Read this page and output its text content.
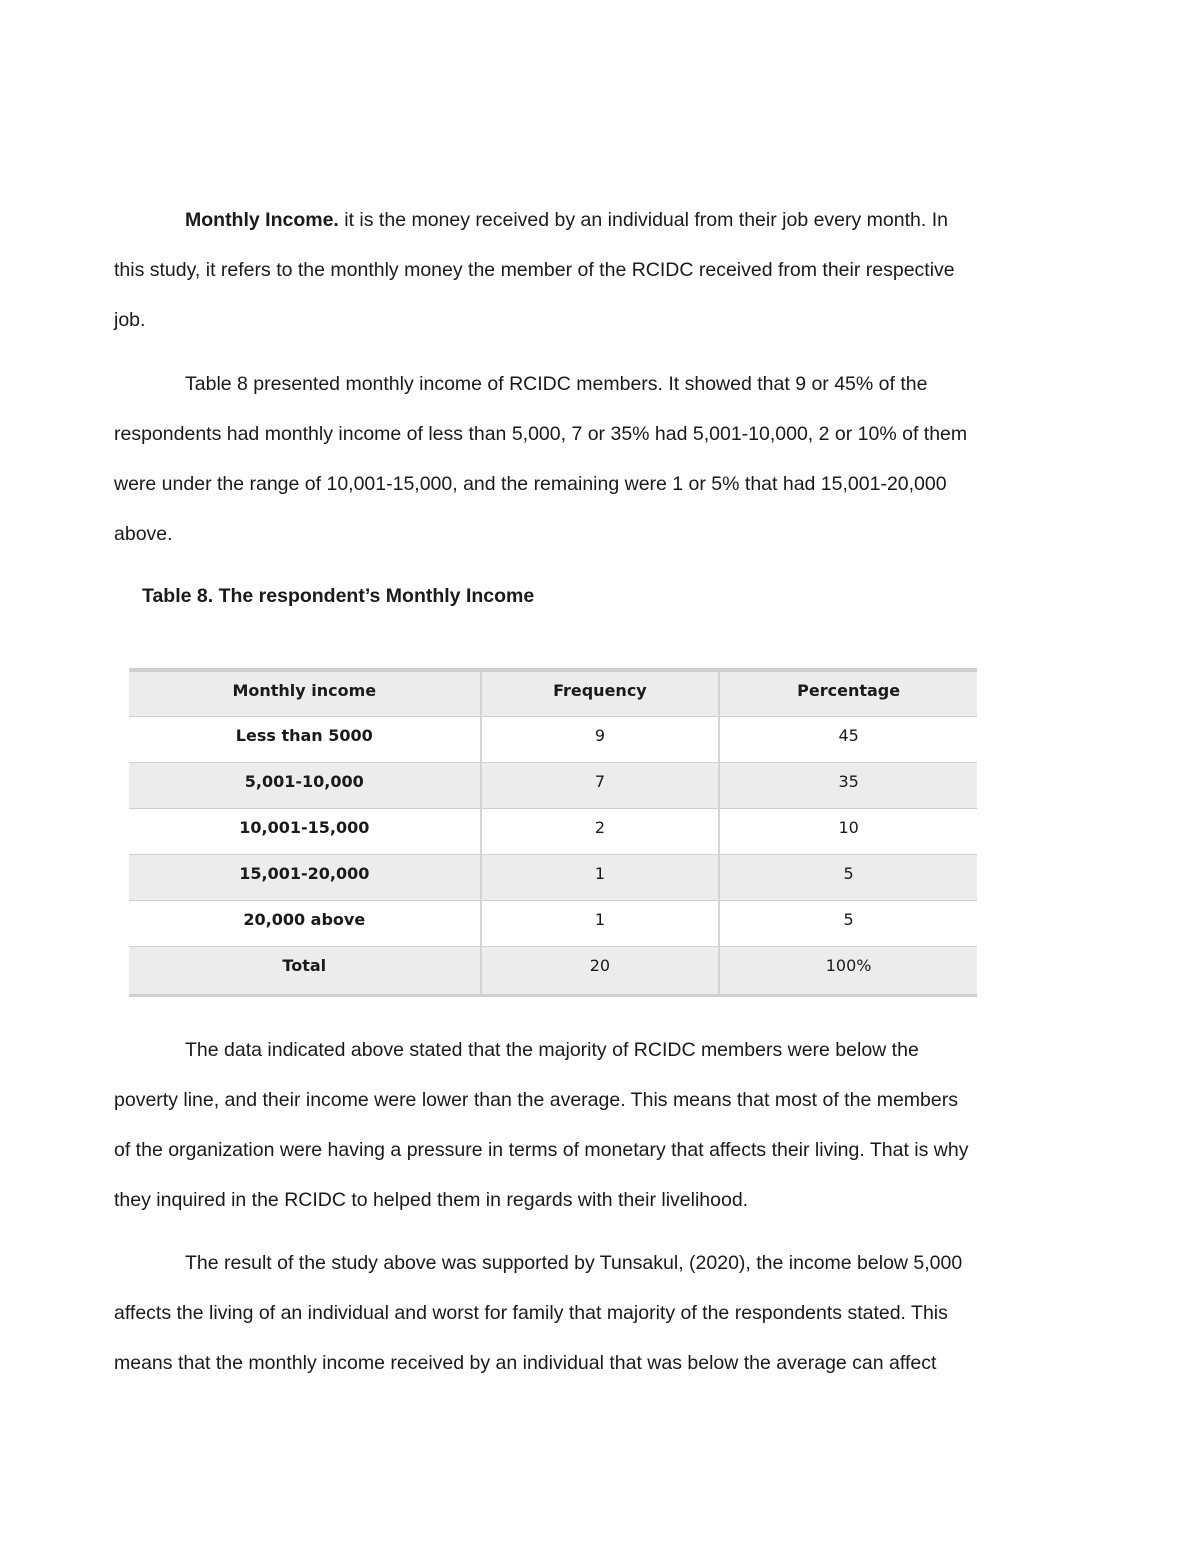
Monthly Income. it is the money received by an individual from their job every month. In
this study, it refers to the monthly money the member of the RCIDC received from their respective
job.

Table 8 presented monthly income of RCIDC members. It showed that 9 or 45% of the
respondents had monthly income of less than 5,000, 7 or 35% had 5,001-10,000, 2 or 10% of them
were under the range of 10,001-15,000, and the remaining were 1 or 5% that had 15,001-20,000
above.

Table 8. The respondent’s Monthly Income

Monthly income	Frequency	Percentage
Less than 5000	9	45
5,001-10,000	7	35
10,001-15,000	2	10
15,001-20,000	1	5
20,000 above	1	5
Total	20	100%

The data indicated above stated that the majority of RCIDC members were below the
poverty line, and their income were lower than the average. This means that most of the members
of the organization were having a pressure in terms of monetary that affects their living. That is why
they inquired in the RCIDC to helped them in regards with their livelihood.

The result of the study above was supported by Tunsakul, (2020), the income below 5,000
affects the living of an individual and worst for family that majority of the respondents stated. This
means that the monthly income received by an individual that was below the average can affect
